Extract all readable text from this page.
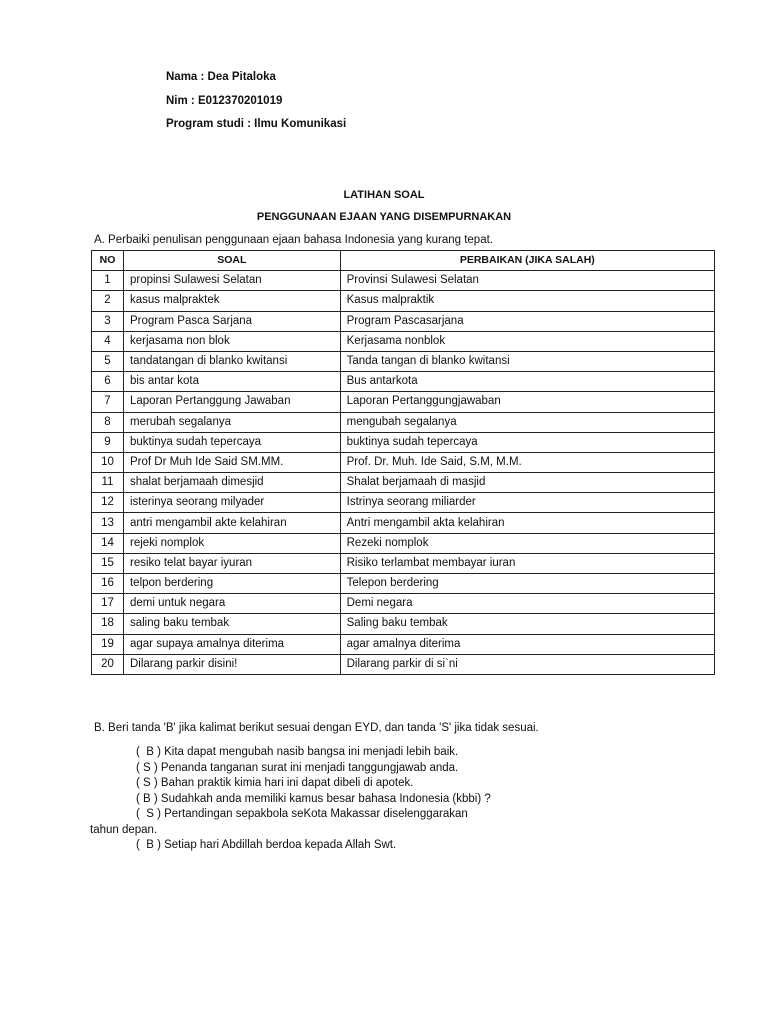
Nama : Dea Pitaloka
Nim : E012370201019
Program studi : Ilmu Komunikasi
LATIHAN SOAL
PENGGUNAAN EJAAN YANG DISEMPURNAKAN
A. Perbaiki penulisan penggunaan ejaan bahasa Indonesia yang kurang tepat.
NO	SOAL	PERBAIKAN (JIKA SALAH)
1	propinsi Sulawesi Selatan	Provinsi Sulawesi Selatan
2	kasus malpraktek	Kasus malpraktik
3	Program Pasca Sarjana	Program Pascasarjana
4	kerjasama non blok	Kerjasama nonblok
5	tandatangan di blanko kwitansi	Tanda tangan di blanko kwitansi
6	bis antar kota	Bus antarkota
7	Laporan Pertanggung Jawaban	Laporan Pertanggungjawaban
8	merubah segalanya	mengubah segalanya
9	buktinya sudah tepercaya	buktinya sudah tepercaya
10	Prof Dr Muh Ide Said SM.MM.	Prof. Dr. Muh. Ide Said, S.M, M.M.
11	shalat berjamaah dimesjid	Shalat berjamaah di masjid
12	isterinya seorang milyader	Istrinya seorang miliarder
13	antri mengambil akte kelahiran	Antri mengambil akta kelahiran
14	rejeki nomplok	Rezeki nomplok
15	resiko telat bayar iyuran	Risiko terlambat membayar iuran
16	telpon berdering	Telepon berdering
17	demi untuk negara	Demi negara
18	saling baku tembak	Saling baku tembak
19	agar supaya amalnya diterima	agar amalnya diterima
20	Dilarang parkir disini!	Dilarang parkir di si`ni
B. Beri tanda 'B' jika kalimat berikut sesuai dengan EYD, dan tanda 'S' jika tidak sesuai.
(  B ) Kita dapat mengubah nasib bangsa ini menjadi lebih baik.
( S ) Penanda tanganan surat ini menjadi tanggungjawab anda.
( S ) Bahan praktik kimia hari ini dapat dibeli di apotek.
( B ) Sudahkah anda memiliki kamus besar bahasa Indonesia (kbbi) ?
(  S ) Pertandingan sepakbola seKota Makassar diselenggarakan
tahun depan.
(  B ) Setiap hari Abdillah berdoa kepada Allah Swt.
